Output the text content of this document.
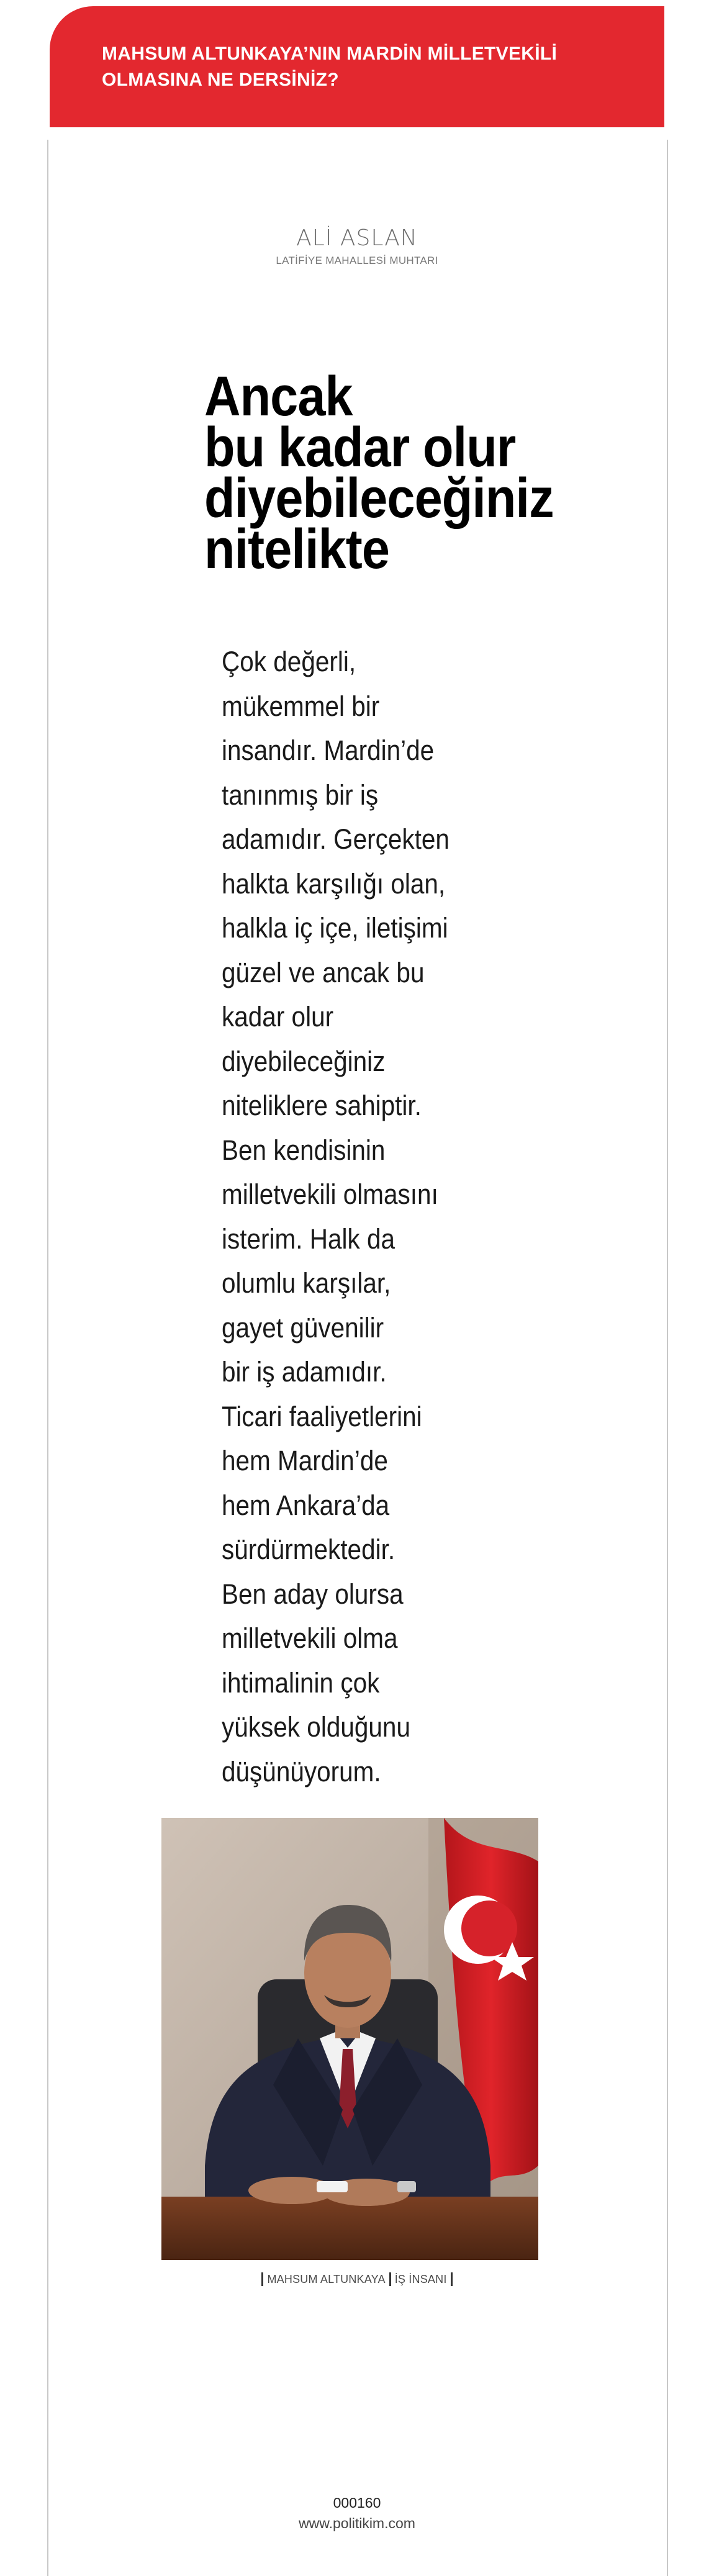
MAHSUM ALTUNKAYA’NIN MARDİN MİLLETVEKİLİ
OLMASINA NE DERSİNİZ?
ALİ ASLAN
LATİFİYE MAHALLESİ MUHTARI
Ancak
bu kadar olur
diyebileceğiniz
nitelikte

Çok değerli,
mükemmel bir
insandır. Mardin’de
tanınmış bir iş
adamıdır. Gerçekten
halkta karşılığı olan,
halkla iç içe, iletişimi
güzel ve ancak bu
kadar olur
diyebileceğiniz
niteliklere sahiptir.
Ben kendisinin
milletvekili olmasını
isterim. Halk da
olumlu karşılar,
gayet güvenilir
bir iş adamıdır.
Ticari faaliyetlerini
hem Mardin’de
hem Ankara’da
sürdürmektedir.
Ben aday olursa
milletvekili olma
ihtimalinin çok
yüksek olduğunu
düşünüyorum.

MAHSUM ALTUNKAYA İŞ İNSANI
000160
www.politikim.com
